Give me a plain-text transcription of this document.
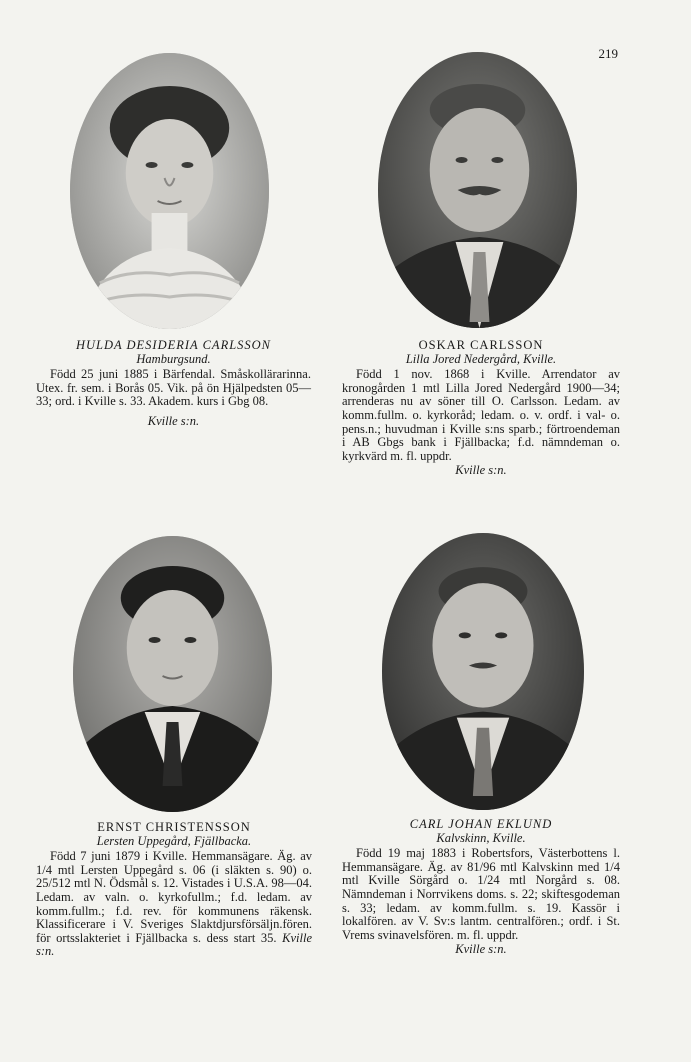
219
HULDA DESIDERIA CARLSSON
Hamburgsund.

Född 25 juni 1885 i Bärfendal. Småskollärarinna. Utex. fr. sem. i Borås 05. Vik. på ön Hjälpedsten 05—33; ord. i Kville s. 33. Akadem. kurs i Gbg 08.

Kville s:n.
OSKAR CARLSSON
Lilla Jored Nedergård, Kville.

Född 1 nov. 1868 i Kville. Arrendator av kronogården 1 mtl Lilla Jored Nedergård 1900—34; arrenderas nu av söner till O. Carlsson. Ledam. av komm.fullm. o. kyrkoråd; ledam. o. v. ordf. i val- o. pens.n.; huvudman i Kville s:ns sparb.; förtroendeman i AB Gbgs bank i Fjällbacka; f.d. nämndeman o. kyrkvärd m. fl. uppdr.

Kville s:n.
ERNST CHRISTENSSON
Lersten Uppegård, Fjällbacka.

Född 7 juni 1879 i Kville. Hemmansägare. Äg. av 1/4 mtl Lersten Uppegård s. 06 (i släkten s. 90) o. 25/512 mtl N. Ödsmål s. 12. Vistades i U.S.A. 98—04. Ledam. av valn. o. kyrkofullm.; f.d. ledam. av komm.fullm.; f.d. rev. för kommunens räkensk. Klassificerare i V. Sveriges Slaktdjursförsäljn.fören. för ortsslakteriet i Fjällbacka s. dess start 35. Kville s:n.

CARL JOHAN EKLUND
Kalvskinn, Kville.

Född 19 maj 1883 i Robertsfors, Västerbottens l. Hemmansägare. Äg. av 81/96 mtl Kalvskinn med 1/4 mtl Kville Sörgård o. 1/24 mtl Norgård s. 08. Nämndeman i Norrvikens doms. s. 22; skiftesgodeman s. 33; ledam. av komm.fullm. s. 19. Kassör i lokalfören. av V. Sv:s lantm. centralfören.; ordf. i St. Vrems svinavelsfören. m. fl. uppdr.

Kville s:n.
